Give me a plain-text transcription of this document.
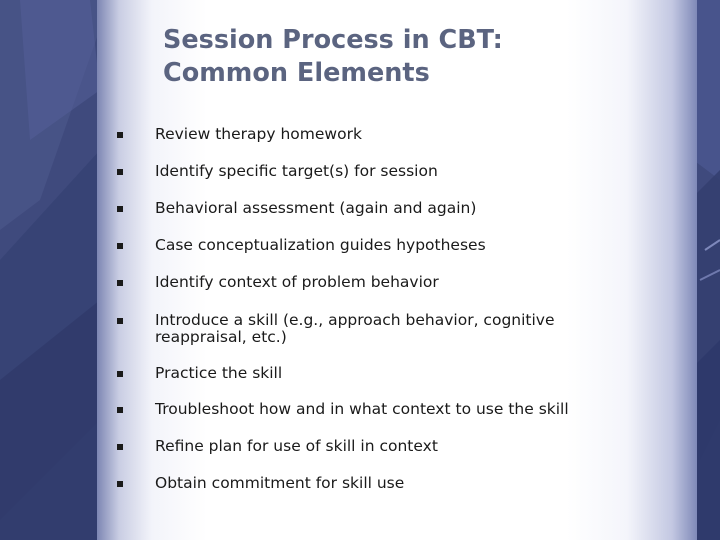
Session Process in CBT:
Common Elements
Review therapy homework
Identify specific target(s) for session
Behavioral assessment (again and again)
Case conceptualization guides hypotheses
Identify context of problem behavior
Introduce a skill (e.g., approach behavior, cognitive reappraisal, etc.)
Practice the skill
Troubleshoot how and in what context to use the skill
Refine plan for use of skill in context
Obtain commitment for skill use
